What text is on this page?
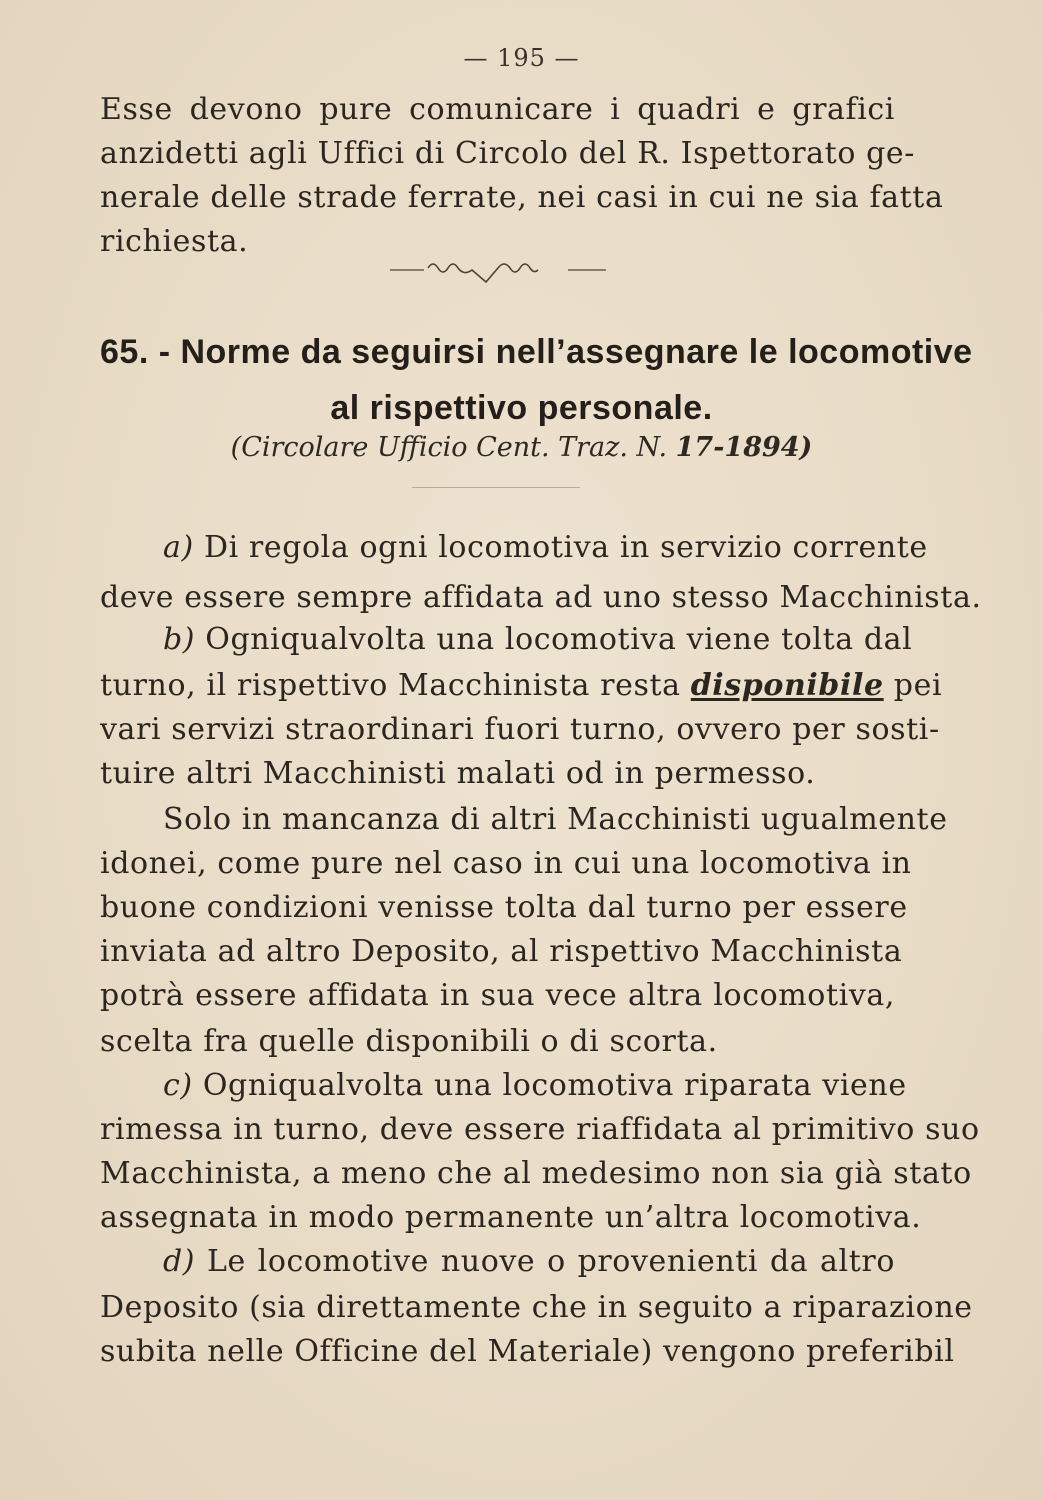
— 195 —
Esse devono pure comunicare i quadri e grafici
anzidetti agli Uffici di Circolo del R. Ispettorato ge-
nerale delle strade ferrate, nei casi in cui ne sia fatta
richiesta.
65. - Norme da seguirsi nell’assegnare le locomotive
al rispettivo personale.
(Circolare Ufficio Cent. Traz. N. 17-1894)
a) Di regola ogni locomotiva in servizio corrente
deve essere sempre affidata ad uno stesso Macchinista.
b) Ogniqualvolta una locomotiva viene tolta dal
turno, il rispettivo Macchinista resta disponibile pei
vari servizi straordinari fuori turno, ovvero per sosti-
tuire altri Macchinisti malati od in permesso.
Solo in mancanza di altri Macchinisti ugualmente
idonei, come pure nel caso in cui una locomotiva in
buone condizioni venisse tolta dal turno per essere
inviata ad altro Deposito, al rispettivo Macchinista
potrà essere affidata in sua vece altra locomotiva,
scelta fra quelle disponibili o di scorta.
c) Ogniqualvolta una locomotiva riparata viene
rimessa in turno, deve essere riaffidata al primitivo suo
Macchinista, a meno che al medesimo non sia già stato
assegnata in modo permanente un’altra locomotiva.
d) Le locomotive nuove o provenienti da altro
Deposito (sia direttamente che in seguito a riparazione
subita nelle Officine del Materiale) vengono preferibil
